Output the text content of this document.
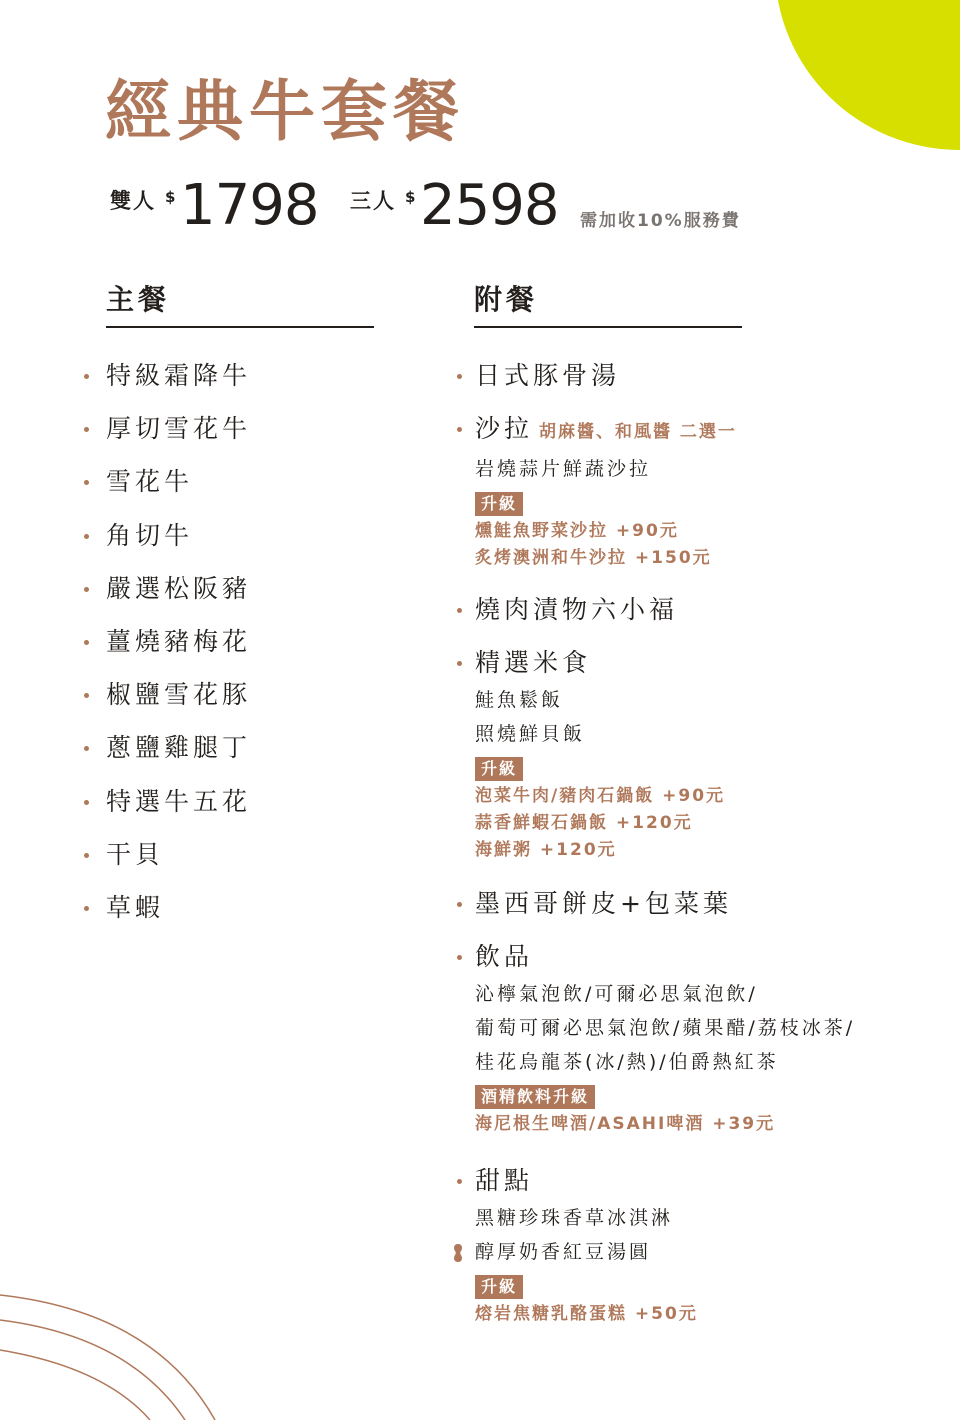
經典牛套餐
雙人 $ 1798 三人 $ 2598 需加收10%服務費
主餐	附餐
特級霜降牛
厚切雪花牛
雪花牛
角切牛
嚴選松阪豬
薑燒豬梅花
椒鹽雪花豚
蔥鹽雞腿丁
特選牛五花
干貝
草蝦
日式豚骨湯
沙拉 胡麻醬、和風醬 二選一
岩燒蒜片鮮蔬沙拉
升級
燻鮭魚野菜沙拉 +90元
炙烤澳洲和牛沙拉 +150元
燒肉漬物六小福
精選米食
鮭魚鬆飯
照燒鮮貝飯
升級
泡菜牛肉/豬肉石鍋飯 +90元
蒜香鮮蝦石鍋飯 +120元
海鮮粥 +120元
墨西哥餅皮+包菜葉
飲品
沁檸氣泡飲/可爾必思氣泡飲/
葡萄可爾必思氣泡飲/蘋果醋/荔枝冰茶/
桂花烏龍茶(冰/熱)/伯爵熱紅茶
酒精飲料升級
海尼根生啤酒/ASAHI啤酒 +39元
甜點
黑糖珍珠香草冰淇淋
醇厚奶香紅豆湯圓
升級
熔岩焦糖乳酪蛋糕 +50元
